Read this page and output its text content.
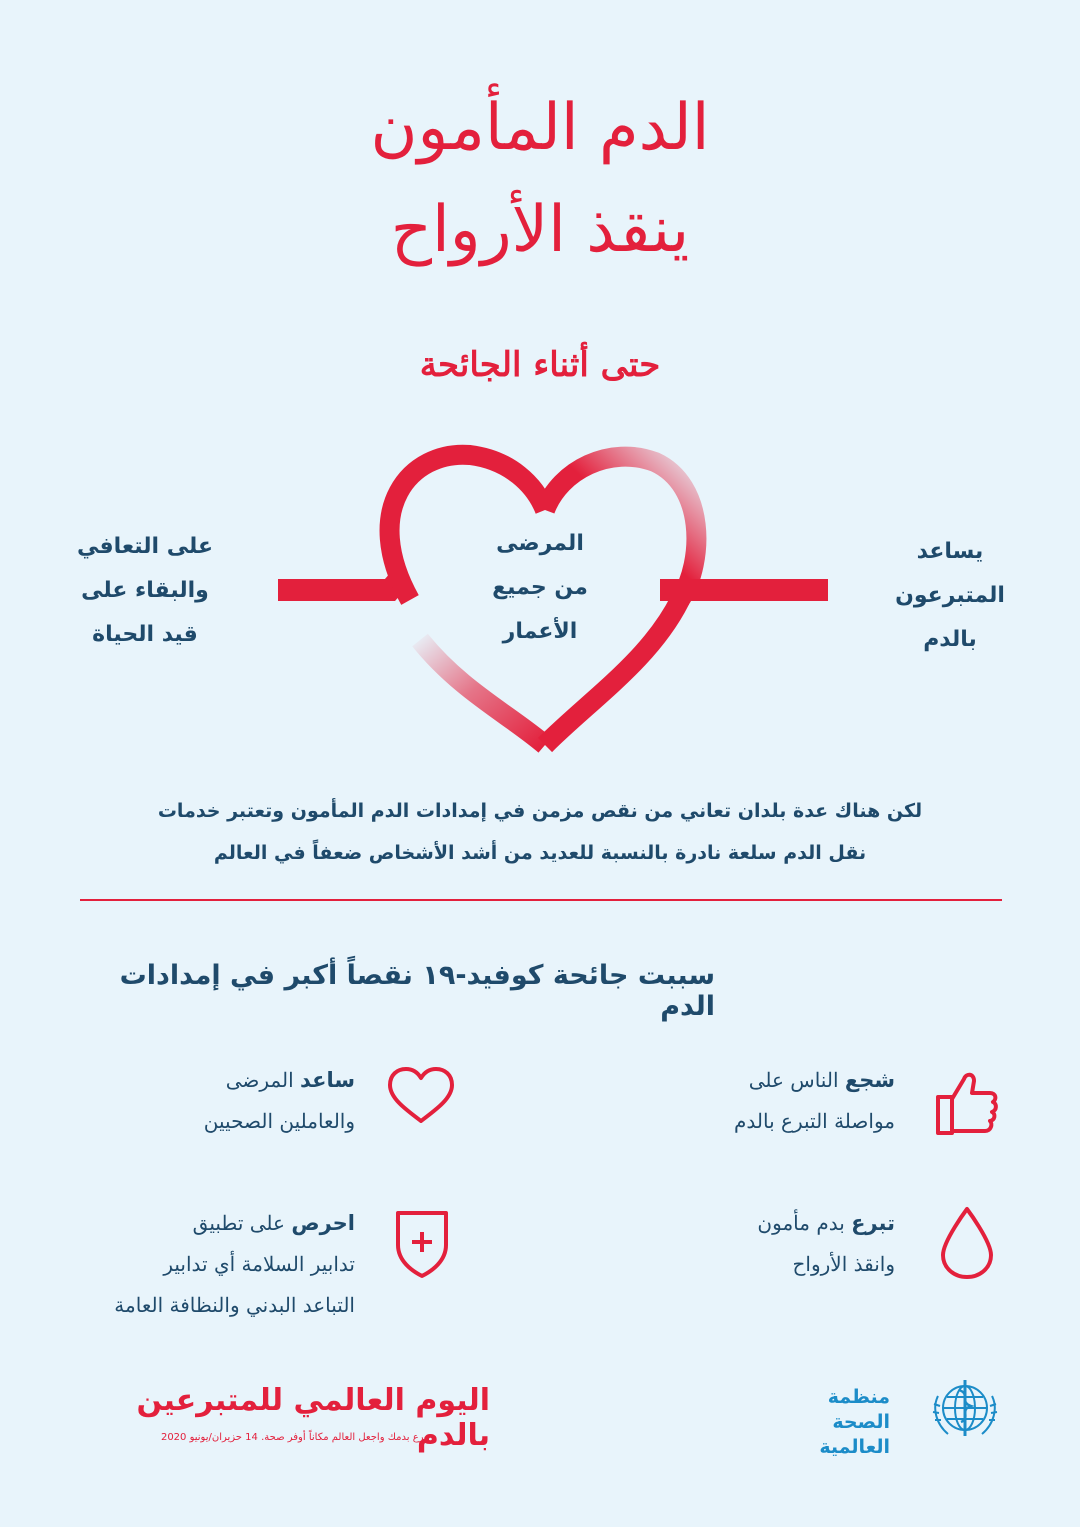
الدم المأمون
ينقذ الأرواح
حتى أثناء الجائحة
يساعد
المتبرعون
بالدم
المرضى
من جميع
الأعمار
على التعافي
والبقاء على
قيد الحياة
لكن هناك عدة بلدان تعاني من نقص مزمن في إمدادات الدم المأمون وتعتبر خدمات
نقل الدم سلعة نادرة بالنسبة للعديد من أشد الأشخاص ضعفاً في العالم
سببت جائحة كوفيد-١٩ نقصاً أكبر في إمدادات الدم
شجع الناس على
مواصلة التبرع بالدم
ساعد المرضى
والعاملين الصحيين
تبرع بدم مأمون
وانقذ الأرواح
احرص على تطبيق
تدابير السلامة أي تدابير
التباعد البدني والنظافة العامة
اليوم العالمي للمتبرعين بالدم
تبرع بدمك واجعل العالم مكاناً أوفر صحة. 14 حزيران/يونيو 2020
منظمة
الصحة العالمية
